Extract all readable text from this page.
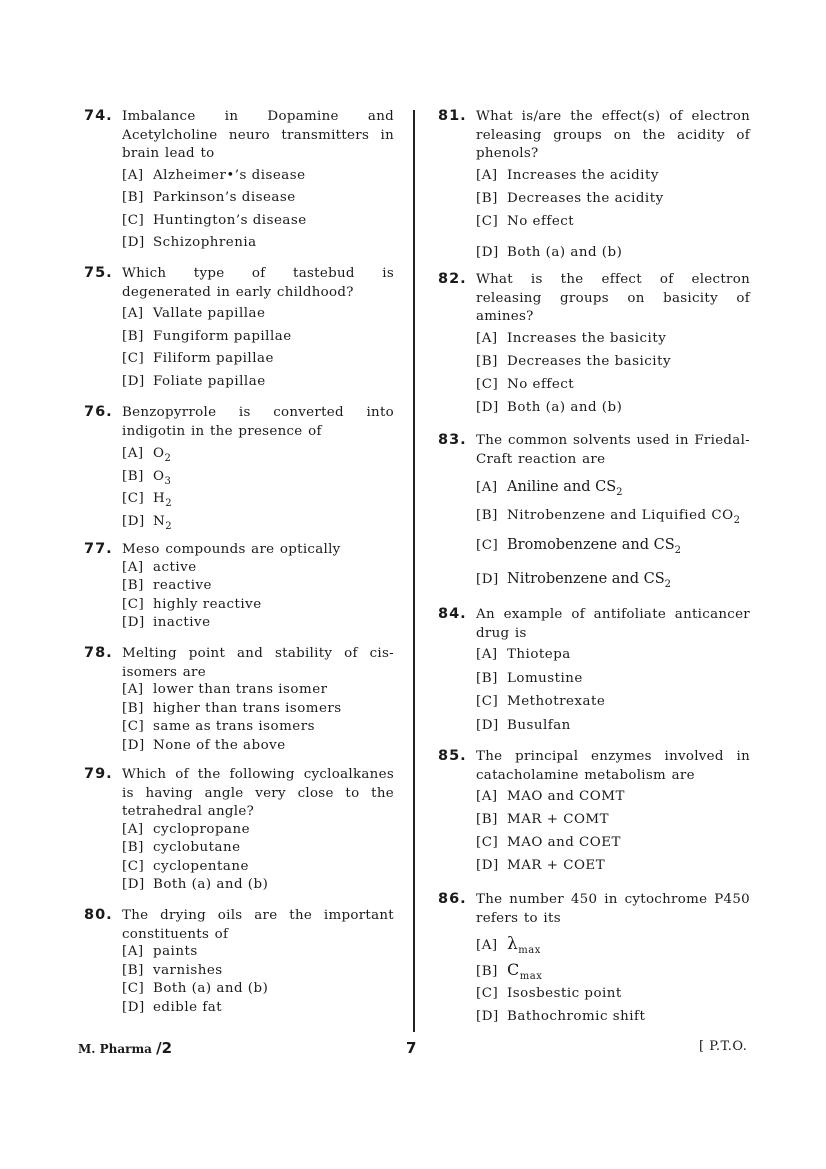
74. Imbalance in Dopamine and Acetylcholine neuro transmitters in brain lead to
[A] Alzheimer•’s disease
[B] Parkinson’s disease
[C] Huntington’s disease
[D] Schizophrenia
75. Which type of tastebud is degenerated in early childhood?
[A] Vallate papillae
[B] Fungiform papillae
[C] Filiform papillae
[D] Foliate papillae
76. Benzopyrrole is converted into indigotin in the presence of
[A] $O_2$
[B] $O_3$
[C] $H_2$
[D] $N_2$
77. Meso compounds are optically
[A] active
[B] reactive
[C] highly reactive
[D] inactive
78. Melting point and stability of cis-isomers are
[A] lower than trans isomer
[B] higher than trans isomers
[C] same as trans isomers
[D] None of the above
79. Which of the following cycloalkanes is having angle very close to the tetrahedral angle?
[A] cyclopropane
[B] cyclobutane
[C] cyclopentane
[D] Both (a) and (b)
80. The drying oils are the important constituents of
[A] paints
[B] varnishes
[C] Both (a) and (b)
[D] edible fat
81. What is/are the effect(s) of electron releasing groups on the acidity of phenols?
[A] Increases the acidity
[B] Decreases the acidity
[C] No effect
[D] Both (a) and (b)
82. What is the effect of electron releasing groups on basicity of amines?
[A] Increases the basicity
[B] Decreases the basicity
[C] No effect
[D] Both (a) and (b)
83. The common solvents used in Friedal-Craft reaction are
[A] Aniline and $CS_2$
[B] Nitrobenzene and Liquified $CO_2$
[C] Bromobenzene and $CS_2$
[D] Nitrobenzene and $CS_2$
84. An example of antifoliate anticancer drug is
[A] Thiotepa
[B] Lomustine
[C] Methotrexate
[D] Busulfan
85. The principal enzymes involved in catacholamine metabolism are
[A] MAO and COMT
[B] MAR + COMT
[C] MAO and COET
[D] MAR + COET
86. The number 450 in cytochrome P450 refers to its
[A] $\lambda_{max}$
[B] $C_{max}$
[C] Isosbestic point
[D] Bathochromic shift
M. Pharma /2	7	[ P.T.O.
